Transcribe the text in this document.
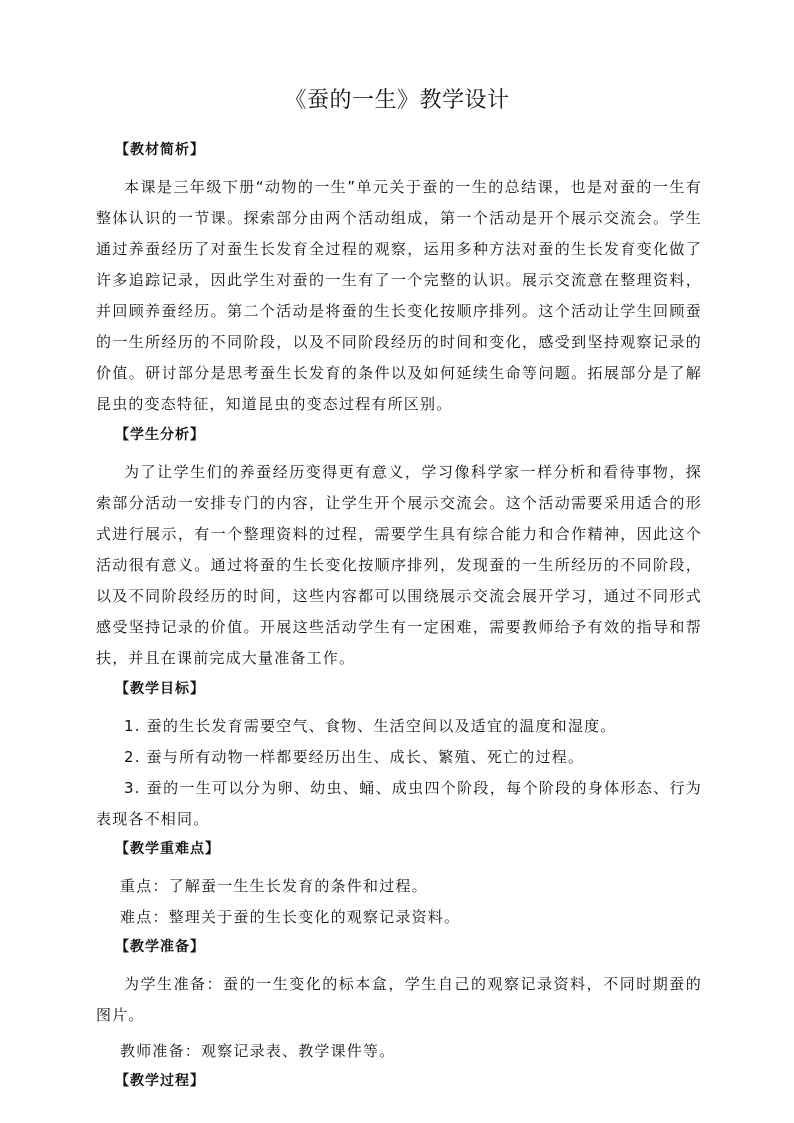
《蚕的一生》教学设计
【教材简析】
本课是三年级下册“动物的一生”单元关于蚕的一生的总结课，也是对蚕的一生有整体认识的一节课。探索部分由两个活动组成，第一个活动是开个展示交流会。学生通过养蚕经历了对蚕生长发育全过程的观察，运用多种方法对蚕的生长发育变化做了许多追踪记录，因此学生对蚕的一生有了一个完整的认识。展示交流意在整理资料，并回顾养蚕经历。第二个活动是将蚕的生长变化按顺序排列。这个活动让学生回顾蚕的一生所经历的不同阶段，以及不同阶段经历的时间和变化，感受到坚持观察记录的价值。研讨部分是思考蚕生长发育的条件以及如何延续生命等问题。拓展部分是了解昆虫的变态特征，知道昆虫的变态过程有所区别。
【学生分析】
为了让学生们的养蚕经历变得更有意义，学习像科学家一样分析和看待事物，探索部分活动一安排专门的内容，让学生开个展示交流会。这个活动需要采用适合的形式进行展示，有一个整理资料的过程，需要学生具有综合能力和合作精神，因此这个活动很有意义。通过将蚕的生长变化按顺序排列，发现蚕的一生所经历的不同阶段，以及不同阶段经历的时间，这些内容都可以围绕展示交流会展开学习，通过不同形式感受坚持记录的价值。开展这些活动学生有一定困难，需要教师给予有效的指导和帮扶，并且在课前完成大量准备工作。
【教学目标】
1. 蚕的生长发育需要空气、食物、生活空间以及适宜的温度和湿度。
2. 蚕与所有动物一样都要经历出生、成长、繁殖、死亡的过程。
3. 蚕的一生可以分为卵、幼虫、蛹、成虫四个阶段，每个阶段的身体形态、行为表现各不相同。
【教学重难点】
重点：了解蚕一生生长发育的条件和过程。
难点：整理关于蚕的生长变化的观察记录资料。
【教学准备】
为学生准备：蚕的一生变化的标本盒，学生自己的观察记录资料，不同时期蚕的图片。
教师准备：观察记录表、教学课件等。
【教学过程】
